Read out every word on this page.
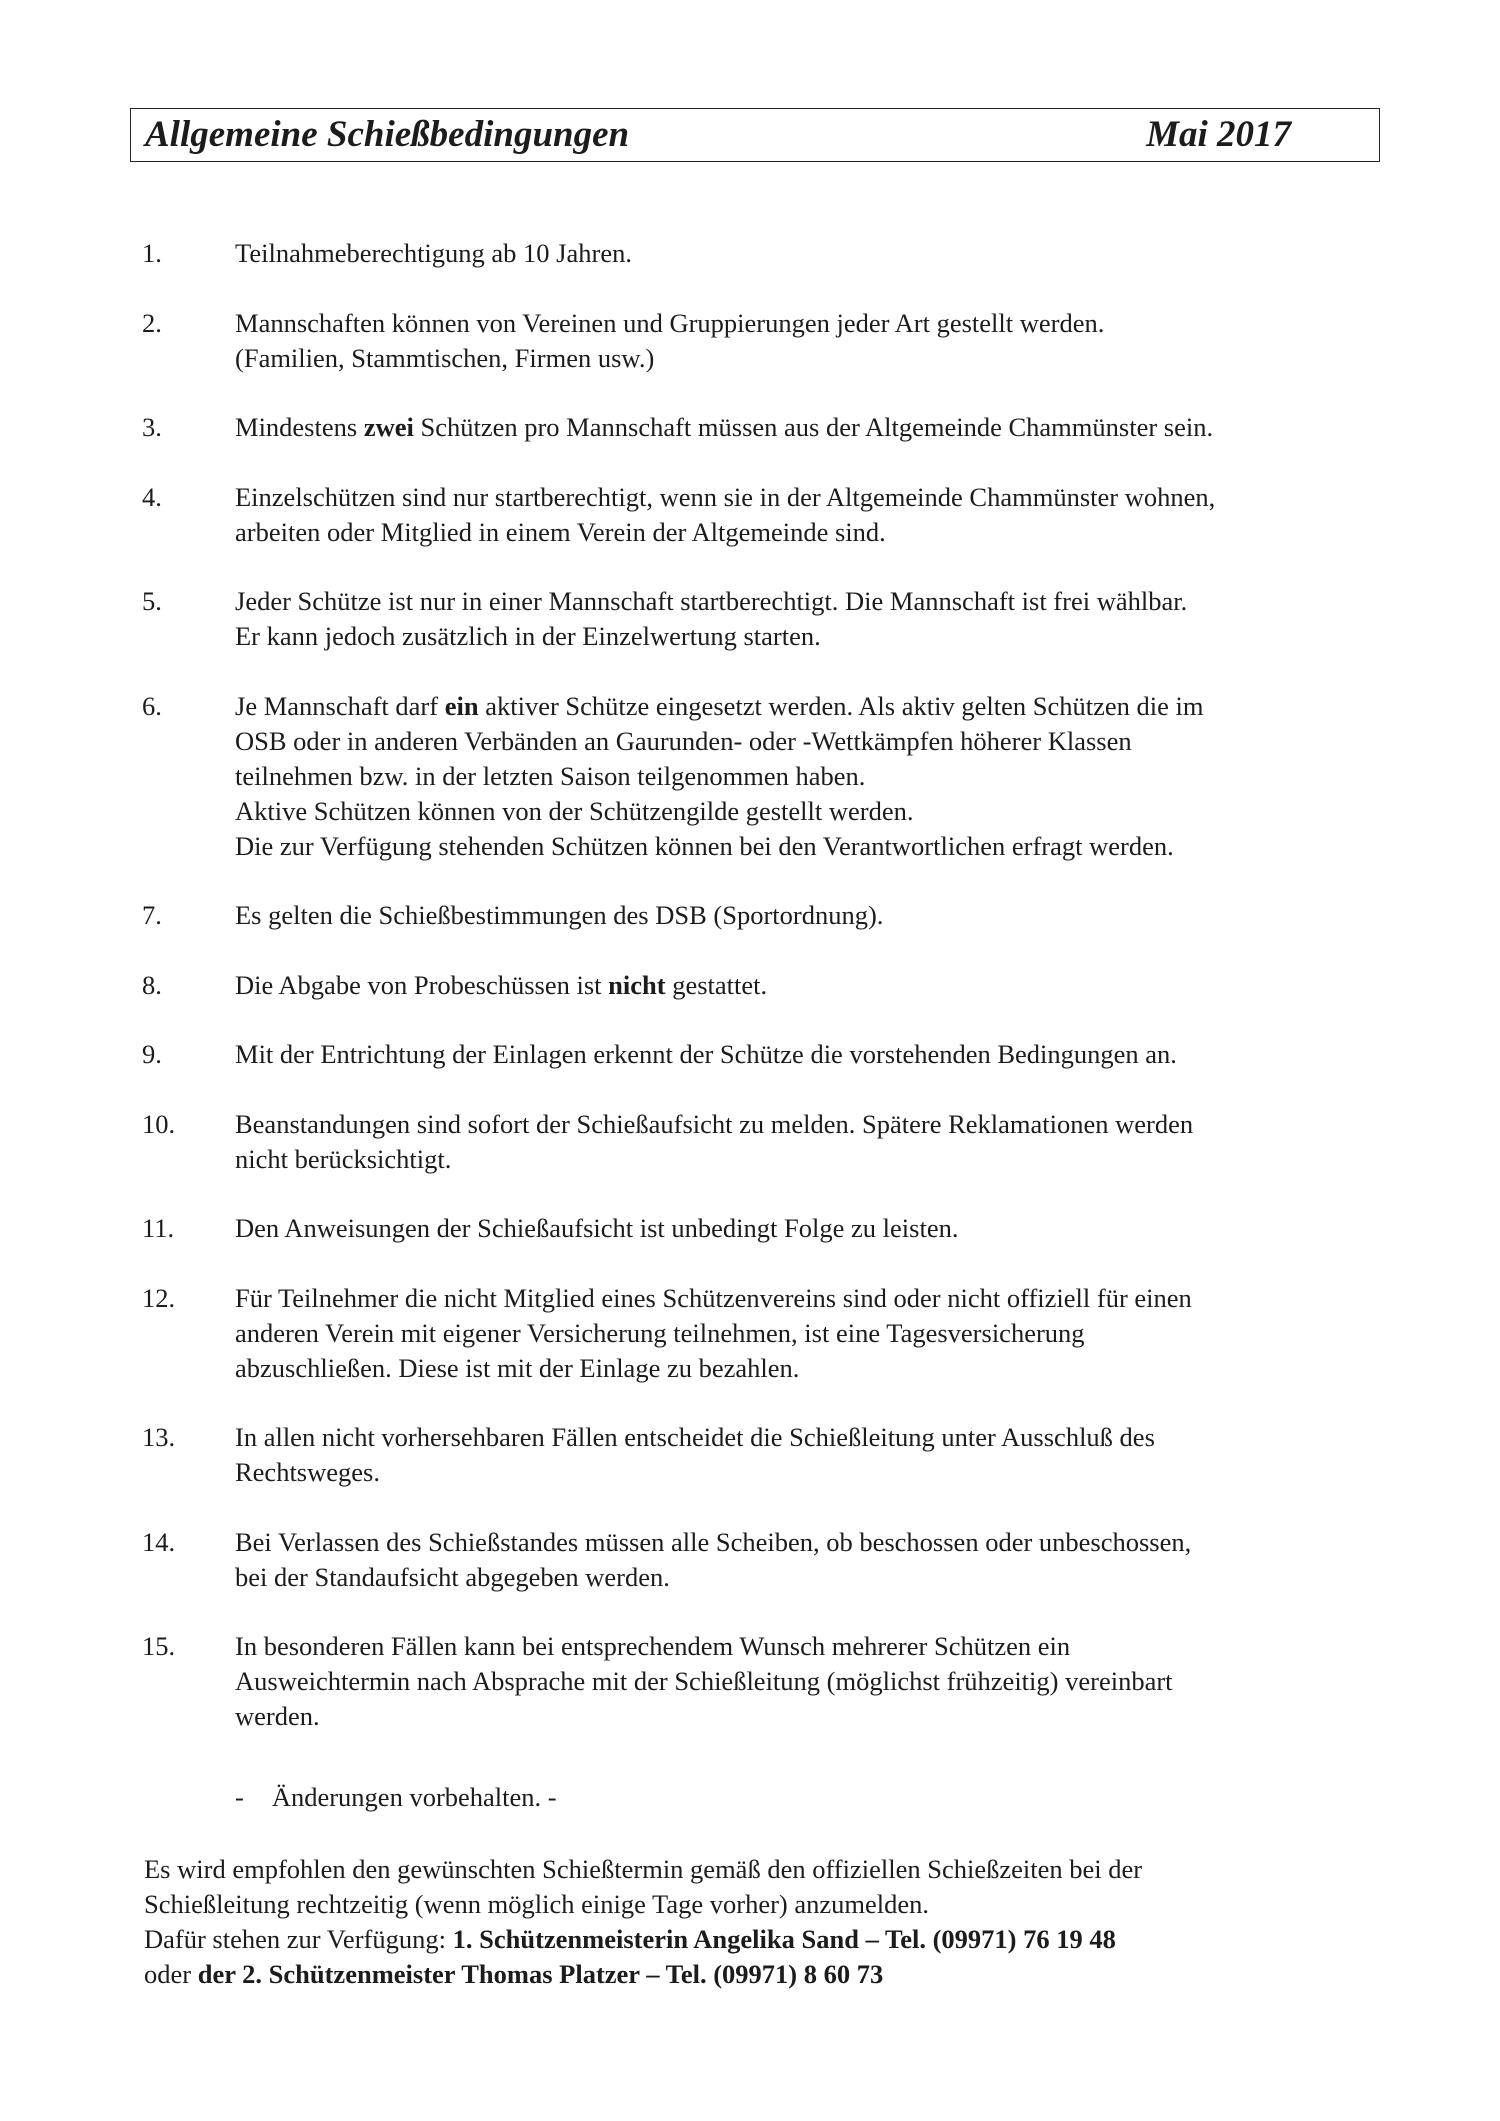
Allgemeine Schießbedingungen	Mai 2017
1.	Teilnahmeberechtigung ab 10 Jahren.
2.	Mannschaften können von Vereinen und Gruppierungen jeder Art gestellt werden.
(Familien, Stammtischen, Firmen usw.)
3.	Mindestens zwei Schützen pro Mannschaft müssen aus der Altgemeinde Chammünster sein.
4.	Einzelschützen sind nur startberechtigt, wenn sie in der Altgemeinde Chammünster wohnen,
arbeiten oder Mitglied in einem Verein der Altgemeinde sind.
5.	Jeder Schütze ist nur in einer Mannschaft startberechtigt. Die Mannschaft ist frei wählbar.
Er kann jedoch zusätzlich in der Einzelwertung starten.
6.	Je Mannschaft darf ein aktiver Schütze eingesetzt werden. Als aktiv gelten Schützen die im
OSB oder in anderen Verbänden an Gaurunden- oder -Wettkämpfen höherer Klassen
teilnehmen bzw. in der letzten Saison teilgenommen haben.
Aktive Schützen können von der Schützengilde gestellt werden.
Die zur Verfügung stehenden Schützen können bei den Verantwortlichen erfragt werden.
7.	Es gelten die Schießbestimmungen des DSB (Sportordnung).
8.	Die Abgabe von Probeschüssen ist nicht gestattet.
9.	Mit der Entrichtung der Einlagen erkennt der Schütze die vorstehenden Bedingungen an.
10. Beanstandungen sind sofort der Schießaufsicht zu melden. Spätere Reklamationen werden
nicht berücksichtigt.
11. Den Anweisungen der Schießaufsicht ist unbedingt Folge zu leisten.
12. Für Teilnehmer die nicht Mitglied eines Schützenvereins sind oder nicht offiziell für einen
anderen Verein mit eigener Versicherung teilnehmen, ist eine Tagesversicherung
abzuschließen. Diese ist mit der Einlage zu bezahlen.
13. In allen nicht vorhersehbaren Fällen entscheidet die Schießleitung unter Ausschluß des
Rechtsweges.
14. Bei Verlassen des Schießstandes müssen alle Scheiben, ob beschossen oder unbeschossen,
bei der Standaufsicht abgegeben werden.
15. In besonderen Fällen kann bei entsprechendem Wunsch mehrerer Schützen ein
Ausweichtermin nach Absprache mit der Schießleitung (möglichst frühzeitig) vereinbart
werden.
- Änderungen vorbehalten. -
Es wird empfohlen den gewünschten Schießtermin gemäß den offiziellen Schießzeiten bei der
Schießleitung rechtzeitig (wenn möglich einige Tage vorher) anzumelden.
Dafür stehen zur Verfügung: 1. Schützenmeisterin Angelika Sand – Tel. (09971) 76 19 48
oder der 2. Schützenmeister Thomas Platzer – Tel. (09971) 8 60 73
